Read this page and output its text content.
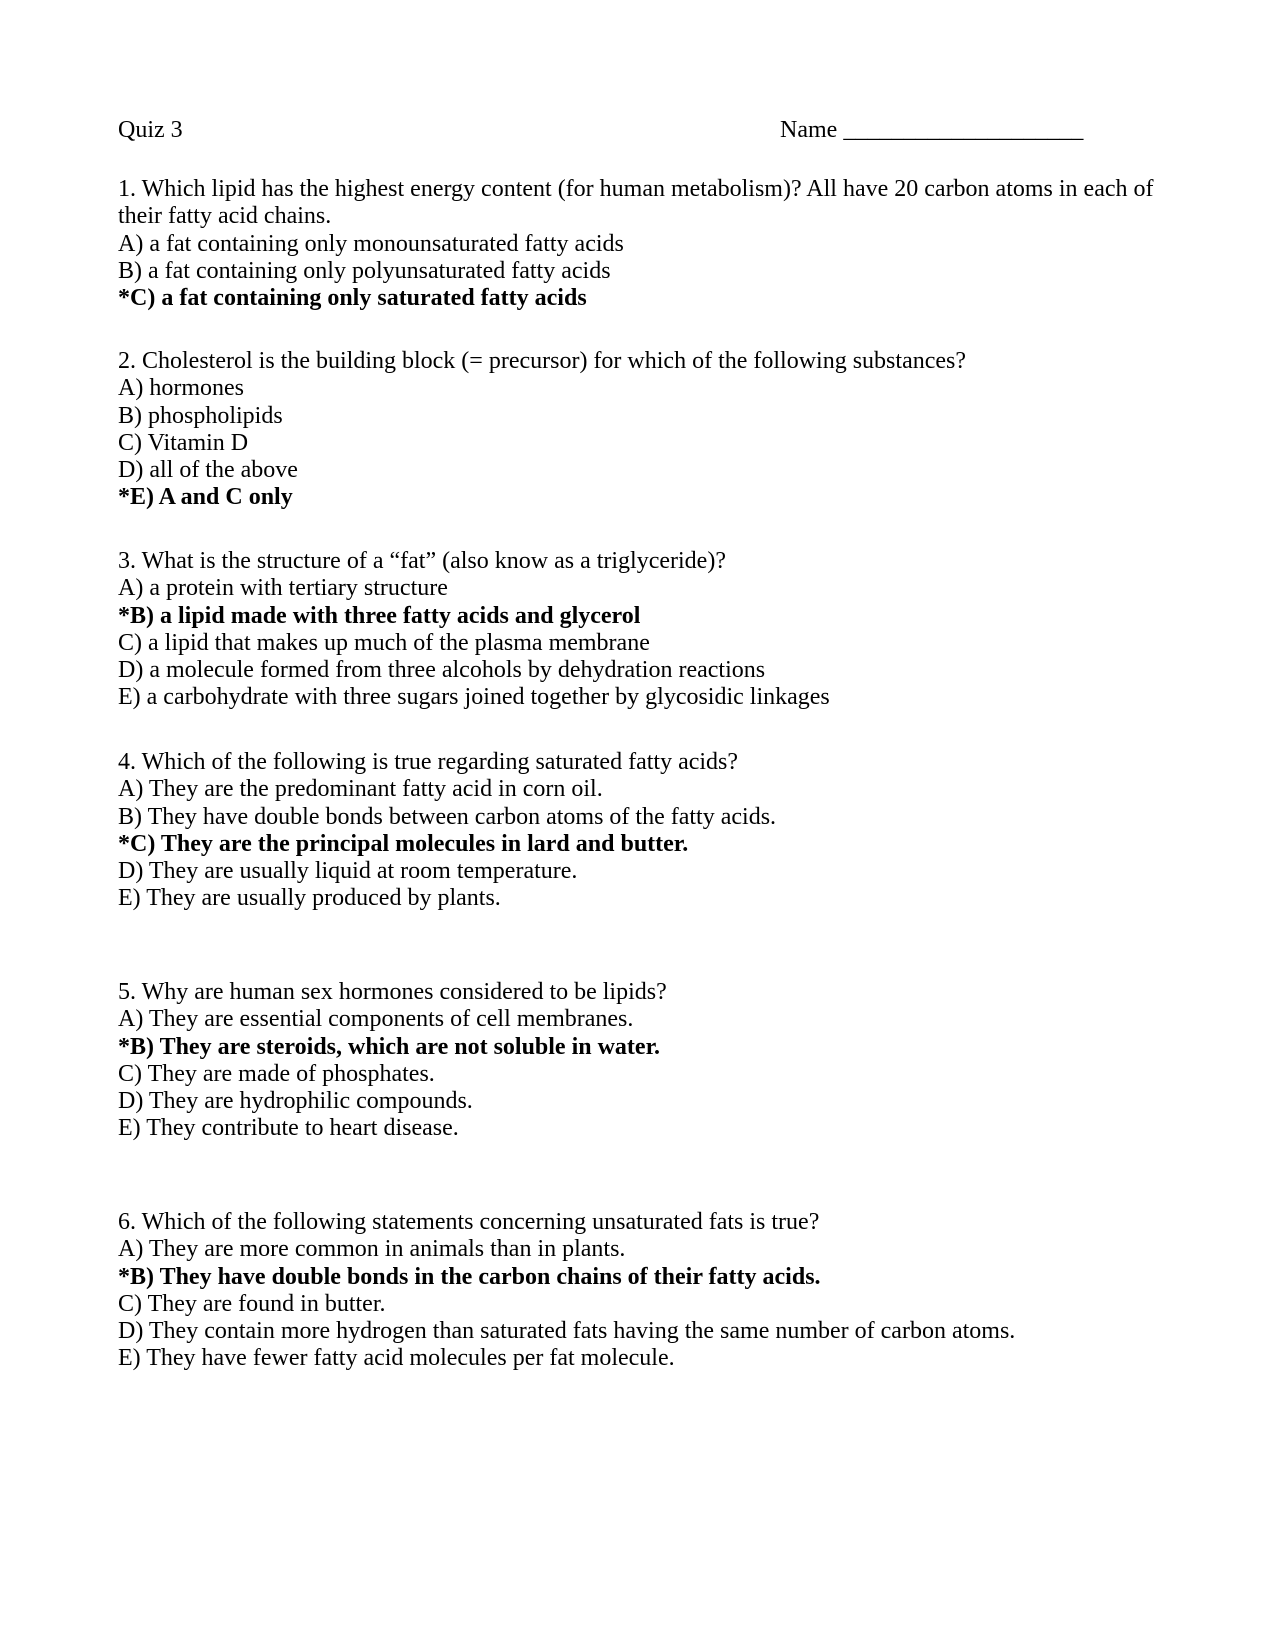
Quiz 3	Name ____________________
1. Which lipid has the highest energy content (for human metabolism)? All have 20 carbon atoms in each of their fatty acid chains.
A) a fat containing only monounsaturated fatty acids
B) a fat containing only polyunsaturated fatty acids
*C) a fat containing only saturated fatty acids
2. Cholesterol is the building block (= precursor) for which of the following substances?
A) hormones
B) phospholipids
C) Vitamin D
D) all of the above
*E) A and C only
3. What is the structure of a “fat” (also know as a triglyceride)?
A) a protein with tertiary structure
*B) a lipid made with three fatty acids and glycerol
C) a lipid that makes up much of the plasma membrane
D) a molecule formed from three alcohols by dehydration reactions
E) a carbohydrate with three sugars joined together by glycosidic linkages
4. Which of the following is true regarding saturated fatty acids?
A) They are the predominant fatty acid in corn oil.
B) They have double bonds between carbon atoms of the fatty acids.
*C) They are the principal molecules in lard and butter.
D) They are usually liquid at room temperature.
E) They are usually produced by plants.
5. Why are human sex hormones considered to be lipids?
A) They are essential components of cell membranes.
*B) They are steroids, which are not soluble in water.
C) They are made of phosphates.
D) They are hydrophilic compounds.
E) They contribute to heart disease.
6. Which of the following statements concerning unsaturated fats is true?
A) They are more common in animals than in plants.
*B) They have double bonds in the carbon chains of their fatty acids.
C) They are found in butter.
D) They contain more hydrogen than saturated fats having the same number of carbon atoms.
E) They have fewer fatty acid molecules per fat molecule.
